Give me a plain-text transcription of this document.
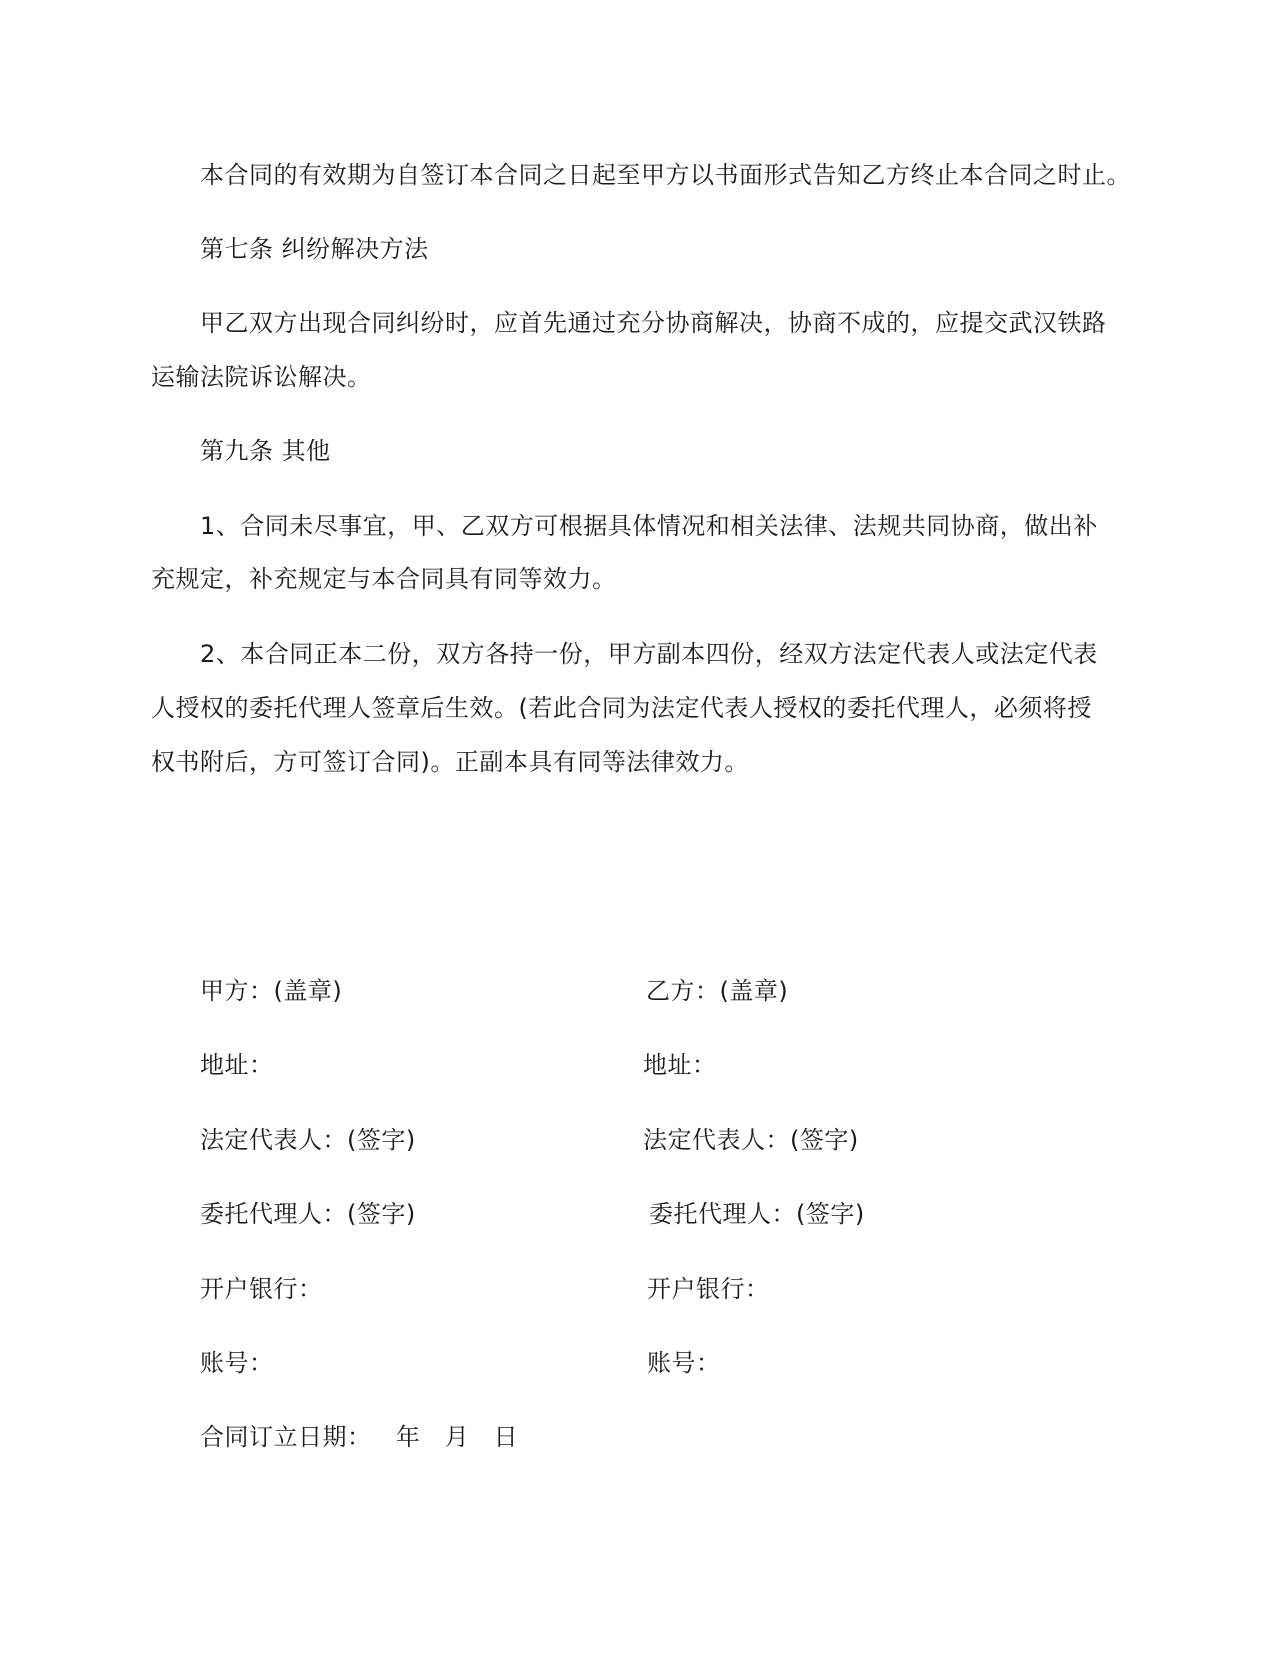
本合同的有效期为自签订本合同之日起至甲方以书面形式告知乙方终止本合同之时止。
第七条 纠纷解决方法
甲乙双方出现合同纠纷时，应首先通过充分协商解决，协商不成的，应提交武汉铁路
运输法院诉讼解决。
第九条 其他
1、合同未尽事宜，甲、乙双方可根据具体情况和相关法律、法规共同协商，做出补
充规定，补充规定与本合同具有同等效力。
2、本合同正本二份，双方各持一份，甲方副本四份，经双方法定代表人或法定代表
人授权的委托代理人签章后生效。(若此合同为法定代表人授权的委托代理人，必须将授
权书附后，方可签订合同)。正副本具有同等法律效力。
甲方：(盖章)
地址：
法定代表人：(签字)
委托代理人：(签字)
开户银行：
账号：
乙方：(盖章)
地址：
法定代表人：(签字)
委托代理人：(签字)
开户银行：
账号：
合同订立日期：   年   月   日
